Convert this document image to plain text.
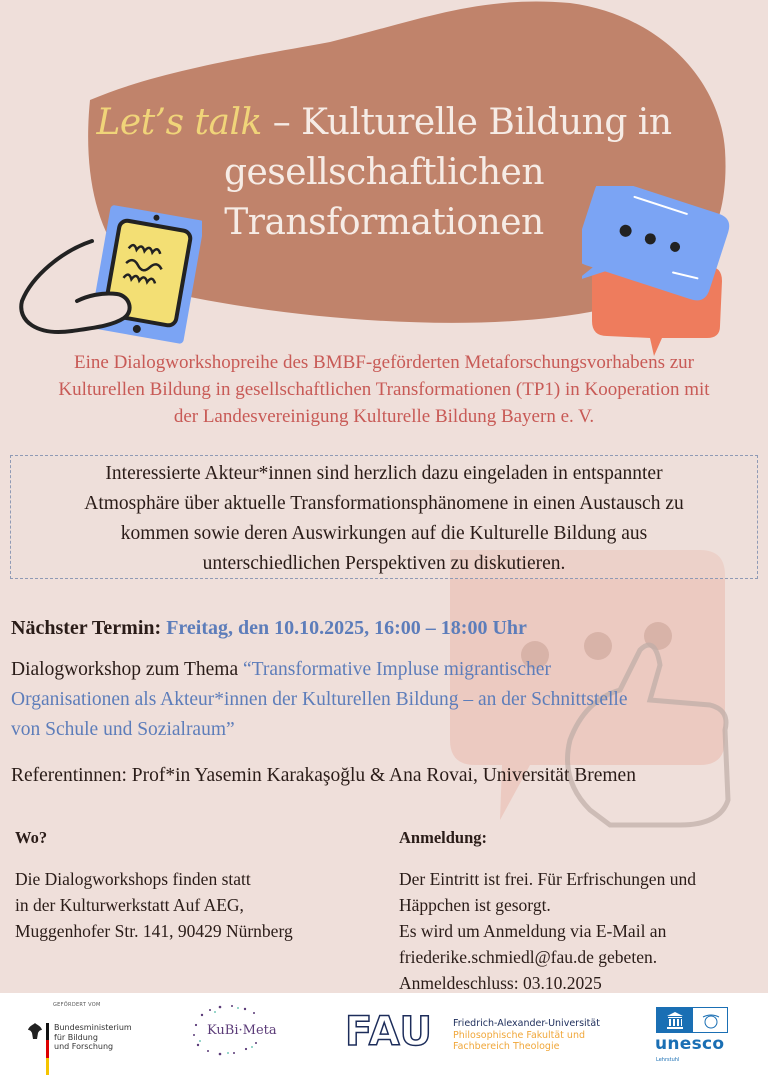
Let’s talk – Kulturelle Bildung in
gesellschaftlichen
Transformationen
Eine Dialogworkshopreihe des BMBF-geförderten Metaforschungsvorhabens zur
Kulturellen Bildung in gesellschaftlichen Transformationen (TP1) in Kooperation mit
der Landesvereinigung Kulturelle Bildung Bayern e. V.
Interessierte Akteur*innen sind herzlich dazu eingeladen in entspannter
Atmosphäre über aktuelle Transformationsphänomene in einen Austausch zu
kommen sowie deren Auswirkungen auf die Kulturelle Bildung aus
unterschiedlichen Perspektiven zu diskutieren.
Nächster Termin: Freitag, den 10.10.2025, 16:00 – 18:00 Uhr
Dialogworkshop zum Thema “Transformative Impluse migrantischer
Organisationen als Akteur*innen der Kulturellen Bildung – an der Schnittstelle
von Schule und Sozialraum”
Referentinnen: Prof*in Yasemin Karakaşoğlu & Ana Rovai, Universität Bremen
Wo?
Die Dialogworkshops finden statt
in der Kulturwerkstatt Auf AEG,
Muggenhofer Str. 141, 90429 Nürnberg
Anmeldung:
Der Eintritt ist frei. Für Erfrischungen und
Häppchen ist gesorgt.
Es wird um Anmeldung via E-Mail an
friederike.schmiedl@fau.de gebeten.
Anmeldeschluss: 03.10.2025
GEFÖRDERT VOM
Bundesministerium
für Bildung
und Forschung
KuBi·Meta FAU Friedrich-Alexander-Universität
Philosophische Fakultät und
Fachbereich Theologie	unesco
Lehrstuhl
